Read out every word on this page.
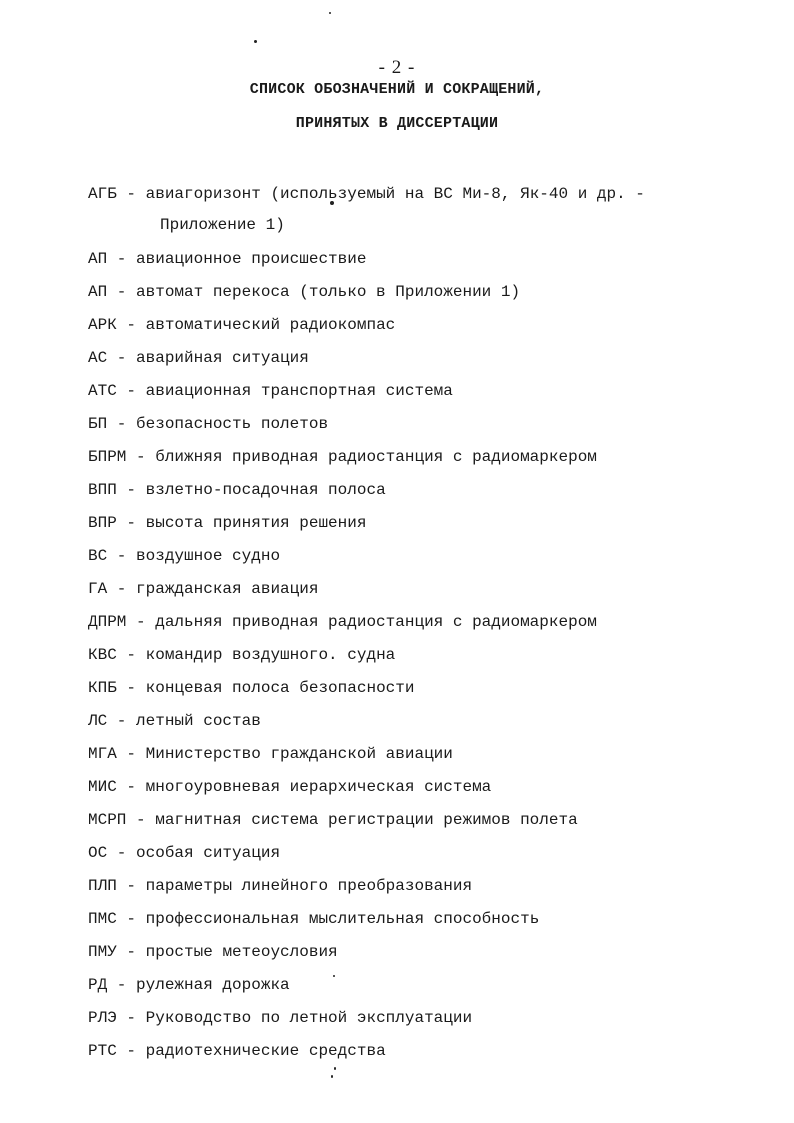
- 2 -
СПИСОК ОБОЗНАЧЕНИЙ И СОКРАЩЕНИЙ,
ПРИНЯТЫХ В ДИССЕРТАЦИИ
АГБ - авиагоризонт (используемый на ВС Ми-8, Як-40 и др. - Приложение 1)
АП - авиационное происшествие
АП - автомат перекоса (только в Приложении 1)
АРК - автоматический радиокомпас
АС - аварийная ситуация
АТС - авиационная транспортная система
БП - безопасность полетов
БПРМ - ближняя приводная радиостанция с радиомаркером
ВПП - взлетно-посадочная полоса
ВПР - высота принятия решения
ВС - воздушное судно
ГА - гражданская авиация
ДПРМ - дальняя приводная радиостанция с радиомаркером
КВС - командир воздушного. судна
КПБ - концевая полоса безопасности
ЛС - летный состав
МГА - Министерство гражданской авиации
МИС - многоуровневая иерархическая система
МСРП - магнитная система регистрации режимов полета
ОС - особая ситуация
ПЛП - параметры линейного преобразования
ПМС - профессиональная мыслительная способность
ПМУ - простые метеоусловия
РД - рулежная дорожка
РЛЭ - Руководство по летной эксплуатации
РТС - радиотехнические средства
